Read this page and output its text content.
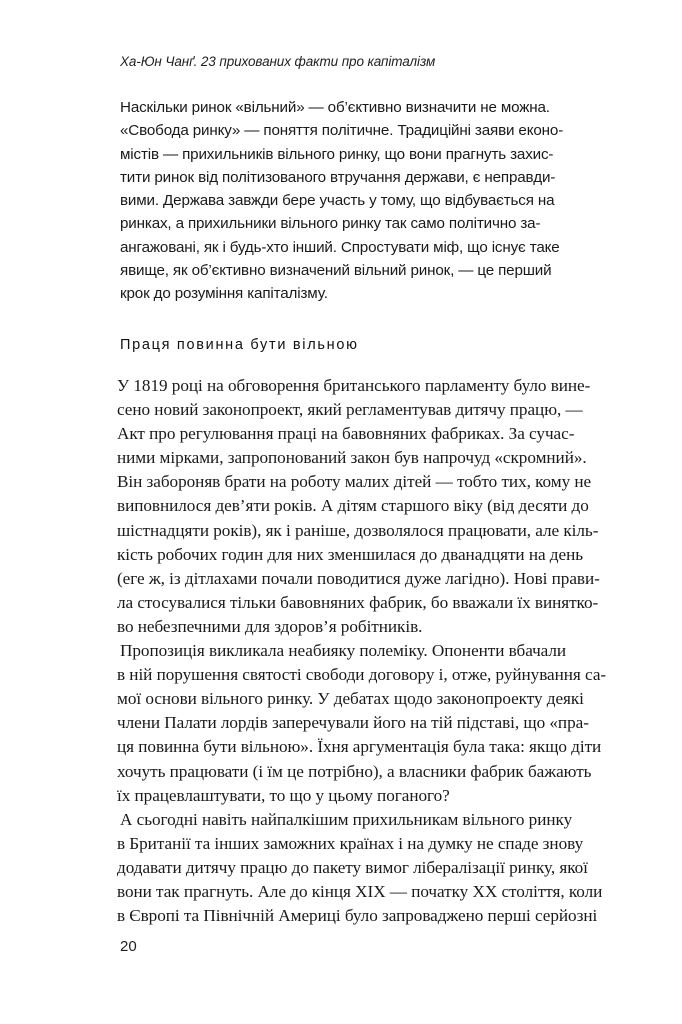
Ха-Юн Чанґ. 23 прихованих факти про капіталізм
Наскільки ринок «вільний» — об’єктивно визначити не можна.
«Свобода ринку» — поняття політичне. Традиційні заяви еконо-
містів — прихильників вільного ринку, що вони прагнуть захис-
тити ринок від політизованого втручання держави, є неправди-
вими. Держава завжди бере участь у тому, що відбувається на
ринках, а прихильники вільного ринку так само політично за-
ангажовані, як і будь-хто інший. Спростувати міф, що існує таке
явище, як об’єктивно визначений вільний ринок, — це перший
крок до розуміння капіталізму.
Праця повинна бути вільною
У 1819 році на обговорення британського парламенту було вине-
сено новий законопроект, який регламентував дитячу працю, —
Акт про регулювання праці на бавовняних фабриках. За сучас-
ними мірками, запропонований закон був напрочуд «скромний».
Він забороняв брати на роботу малих дітей — тобто тих, кому не
виповнилося дев’яти років. А дітям старшого віку (від десяти до
шістнадцяти років), як і раніше, дозволялося працювати, але кіль-
кість робочих годин для них зменшилася до дванадцяти на день
(еге ж, із дітлахами почали поводитися дуже лагідно). Нові прави-
ла стосувалися тільки бавовняних фабрик, бо вважали їх винятко-
во небезпечними для здоров’я робітників.
Пропозиція викликала неабияку полеміку. Опоненти вбачали
в ній порушення святості свободи договору і, отже, руйнування са-
мої основи вільного ринку. У дебатах щодо законопроекту деякі
члени Палати лордів заперечували його на тій підставі, що «пра-
ця повинна бути вільною». Їхня аргументація була така: якщо діти
хочуть працювати (і їм це потрібно), а власники фабрик бажають
їх працевлаштувати, то що у цьому поганого?
А сьогодні навіть найпалкішим прихильникам вільного ринку
в Британії та інших заможних країнах і на думку не спаде знову
додавати дитячу працю до пакету вимог лібералізації ринку, якої
вони так прагнуть. Але до кінця XIX — початку XX століття, коли
в Європі та Північній Америці було запроваджено перші серйозні
20
